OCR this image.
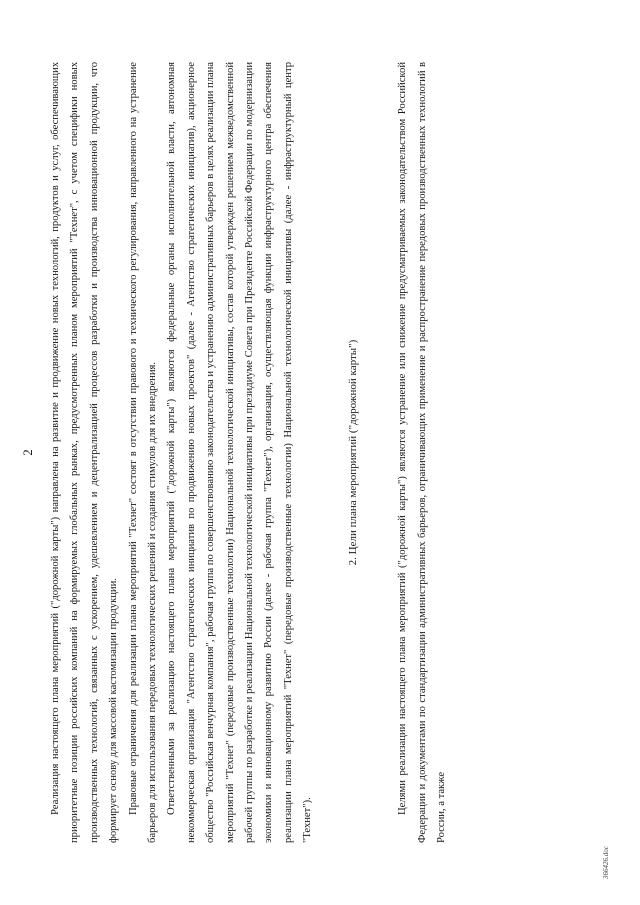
2	Реализация настоящего плана мероприятий ("дорожной карты") направлена на развитие и продвижение новых технологий, продуктов и услуг, обеспечивающих приоритетные позиции российских компаний на формируемых глобальных рынках, предусмотренных планом мероприятий "Технет", с учетом специфики новых производственных технологий, связанных с ускорением, удешевлением и децентрализацией процессов разработки и производства инновационной продукции, что формирует основу для массовой кастомизации продукции. Правовые ограничения для реализации плана мероприятий "Технет" состоят в отсутствии правового и технического регулирования, направленного на устранение барьеров для использования передовых технологических решений и создания стимулов для их внедрения. Ответственными за реализацию настоящего плана мероприятий ("дорожной карты") являются федеральные органы исполнительной власти, автономная некоммерческая организация "Агентство стратегических инициатив по продвижению новых проектов" (далее - Агентство стратегических инициатив), акционерное общество "Российская венчурная компания", рабочая группа по совершенствованию законодательства и устранению административных барьеров в целях реализации плана мероприятий "Технет" (передовые производственные технологии) Национальной технологической инициативы, состав которой утвержден решением межведомственной рабочей группы по разработке и реализации Национальной технологической инициативы при президиуме Совета при Президенте Российской Федерации по модернизации экономики и инновационному развитию России (далее - рабочая группа "Технет"), организация, осуществляющая функции инфраструктурного центра обеспечения реализации плана мероприятий "Технет" (передовые производственные технологии) Национальной технологической инициативы (далее - инфраструктурный центр "Технет").

2. Цели плана мероприятий ("дорожной карты")	Целями реализации настоящего плана мероприятий ("дорожной карты") являются устранение или снижение предусматриваемых законодательством Российской Федерации и документами по стандартизации административных барьеров, ограничивающих применение и распространение передовых производственных технологий в России, а также

366426.doc
